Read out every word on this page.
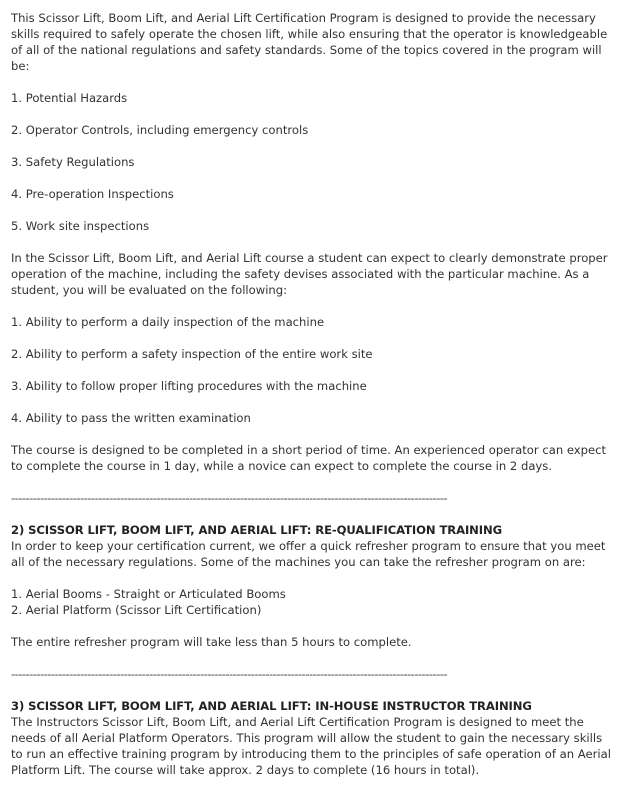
This Scissor Lift, Boom Lift, and Aerial Lift Certification Program is designed to provide the necessary skills required to safely operate the chosen lift, while also ensuring that the operator is knowledgeable of all of the national regulations and safety standards. Some of the topics covered in the program will be:

1. Potential Hazards
2. Operator Controls, including emergency controls
3. Safety Regulations
4. Pre-operation Inspections
5. Work site inspections

In the Scissor Lift, Boom Lift, and Aerial Lift course a student can expect to clearly demonstrate proper operation of the machine, including the safety devises associated with the particular machine. As a student, you will be evaluated on the following:

1. Ability to perform a daily inspection of the machine
2. Ability to perform a safety inspection of the entire work site
3. Ability to follow proper lifting procedures with the machine
4. Ability to pass the written examination

The course is designed to be completed in a short period of time. An experienced operator can expect to complete the course in 1 day, while a novice can expect to complete the course in 2 days.

------------------------------------------------------------------------------------------------------------------------
2) SCISSOR LIFT, BOOM LIFT, AND AERIAL LIFT: RE-QUALIFICATION TRAINING

In order to keep your certification current, we offer a quick refresher program to ensure that you meet all of the necessary regulations. Some of the machines you can take the refresher program on are:

1. Aerial Booms - Straight or Articulated Booms
2. Aerial Platform (Scissor Lift Certification)

The entire refresher program will take less than 5 hours to complete.

------------------------------------------------------------------------------------------------------------------------
3) SCISSOR LIFT, BOOM LIFT, AND AERIAL LIFT: IN-HOUSE INSTRUCTOR TRAINING

The Instructors Scissor Lift, Boom Lift, and Aerial Lift Certification Program is designed to meet the needs of all Aerial Platform Operators. This program will allow the student to gain the necessary skills to run an effective training program by introducing them to the principles of safe operation of an Aerial Platform Lift. The course will take approx. 2 days to complete (16 hours in total).
